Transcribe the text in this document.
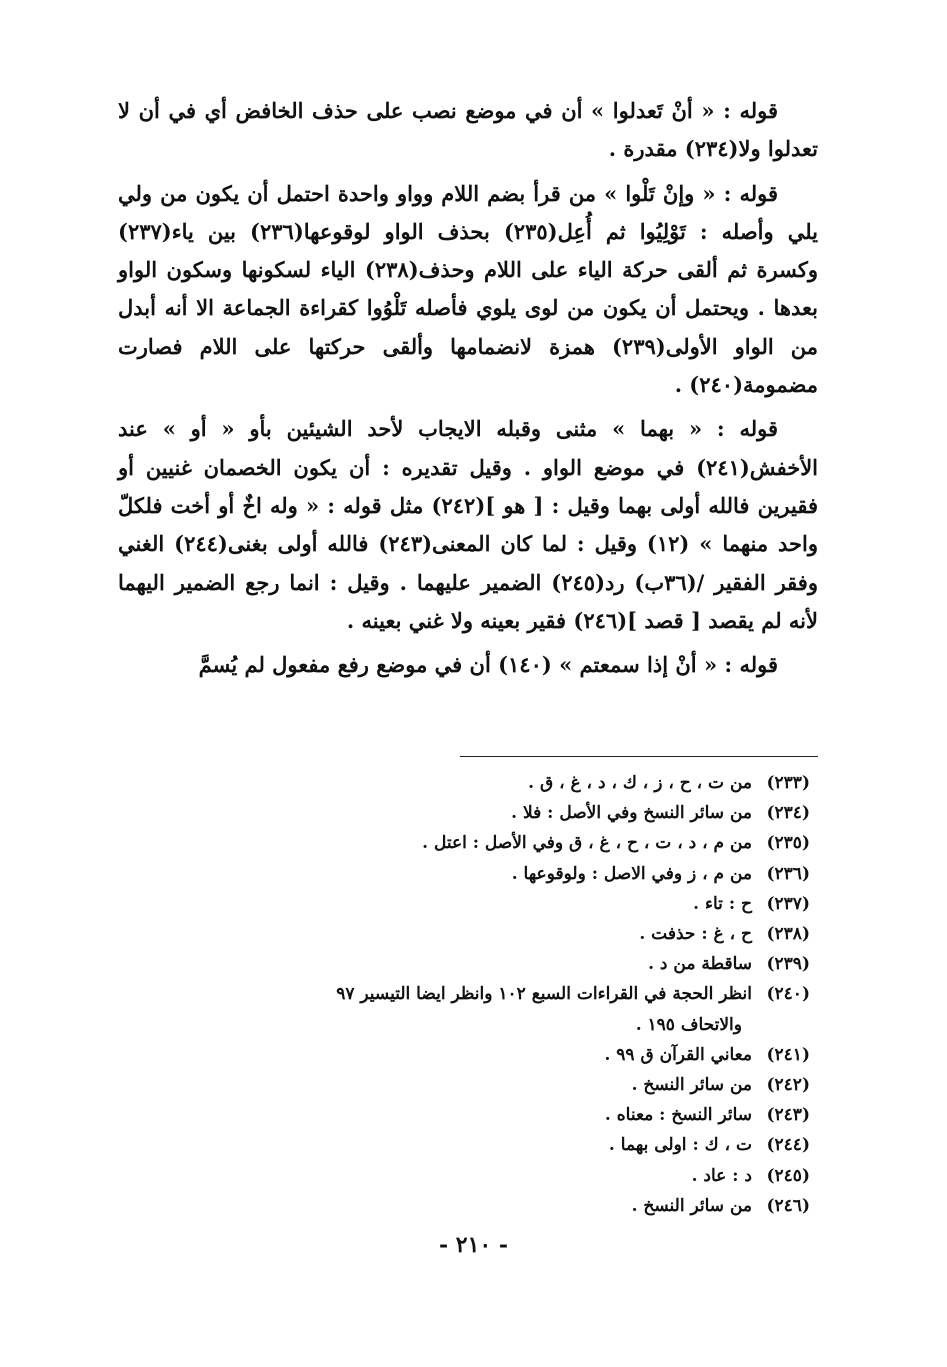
قوله : « أنْ تَعدلوا » أن في موضع نصب على حذف الخافض أي في أن لا تعدلوا ولا(٢٣٤) مقدرة .

قوله : « وإنْ تَلْوا » من قرأ بضم اللام وواو واحدة احتمل أن يكون من ولي يلي وأصله : تَوْلِيُوا ثم أُعِل(٢٣٥) بحذف الواو لوقوعها(٢٣٦) بين ياء(٢٣٧) وكسرة ثم ألقى حركة الياء على اللام وحذف(٢٣٨) الياء لسكونها وسكون الواو بعدها . ويحتمل أن يكون من لوى يلوي فأصله تَلْوُوا كقراءة الجماعة الا أنه أبدل من الواو الأولى(٢٣٩) همزة لانضمامها وألقى حركتها على اللام فصارت مضمومة(٢٤٠) .

قوله : « بهما » مثنى وقبله الايجاب لأحد الشيئين بأو « أو » عند الأخفش(٢٤١) في موضع الواو . وقيل تقديره : أن يكون الخصمان غنيين أو فقيرين فالله أولى بهما وقيل : [ هو ](٢٤٢) مثل قوله : « وله اخٌ أو أخت فلكلّ واحد منهما » (١٢) وقيل : لما كان المعنى(٢٤٣) فالله أولى بغنى(٢٤٤) الغني وفقر الفقير /(٣٦ب) رد(٢٤٥) الضمير عليهما . وقيل : انما رجع الضمير اليهما لأنه لم يقصد [ قصد ](٢٤٦) فقير بعينه ولا غني بعينه .

قوله : « أنْ إذا سمعتم » (١٤٠) أن في موضع رفع مفعول لم يُسمَّ

(٢٣٣)
من ت ، ح ، ز ، ك ، د ، غ ، ق .
(٢٣٤)
من سائر النسخ وفي الأصل : فلا .
(٢٣٥)
من م ، د ، ت ، ح ، غ ، ق وفي الأصل : اعتل .
(٢٣٦)
من م ، ز وفي الاصل : ولوقوعها .
(٢٣٧)
ح : تاء .
(٢٣٨)
ح ، غ : حذفت .
(٢٣٩)
ساقطة من د .
(٢٤٠)
انظر الحجة في القراءات السبع ١٠٢ وانظر ايضا التيسير ٩٧
والاتحاف ١٩٥ .
(٢٤١)
معاني القرآن ق ٩٩ .
(٢٤٢)
من سائر النسخ .
(٢٤٣)
سائر النسخ : معناه .
(٢٤٤)
ت ، ك : اولى بهما .
(٢٤٥)
د : عاد .
(٢٤٦)
من سائر النسخ .
- ٢١٠ -
